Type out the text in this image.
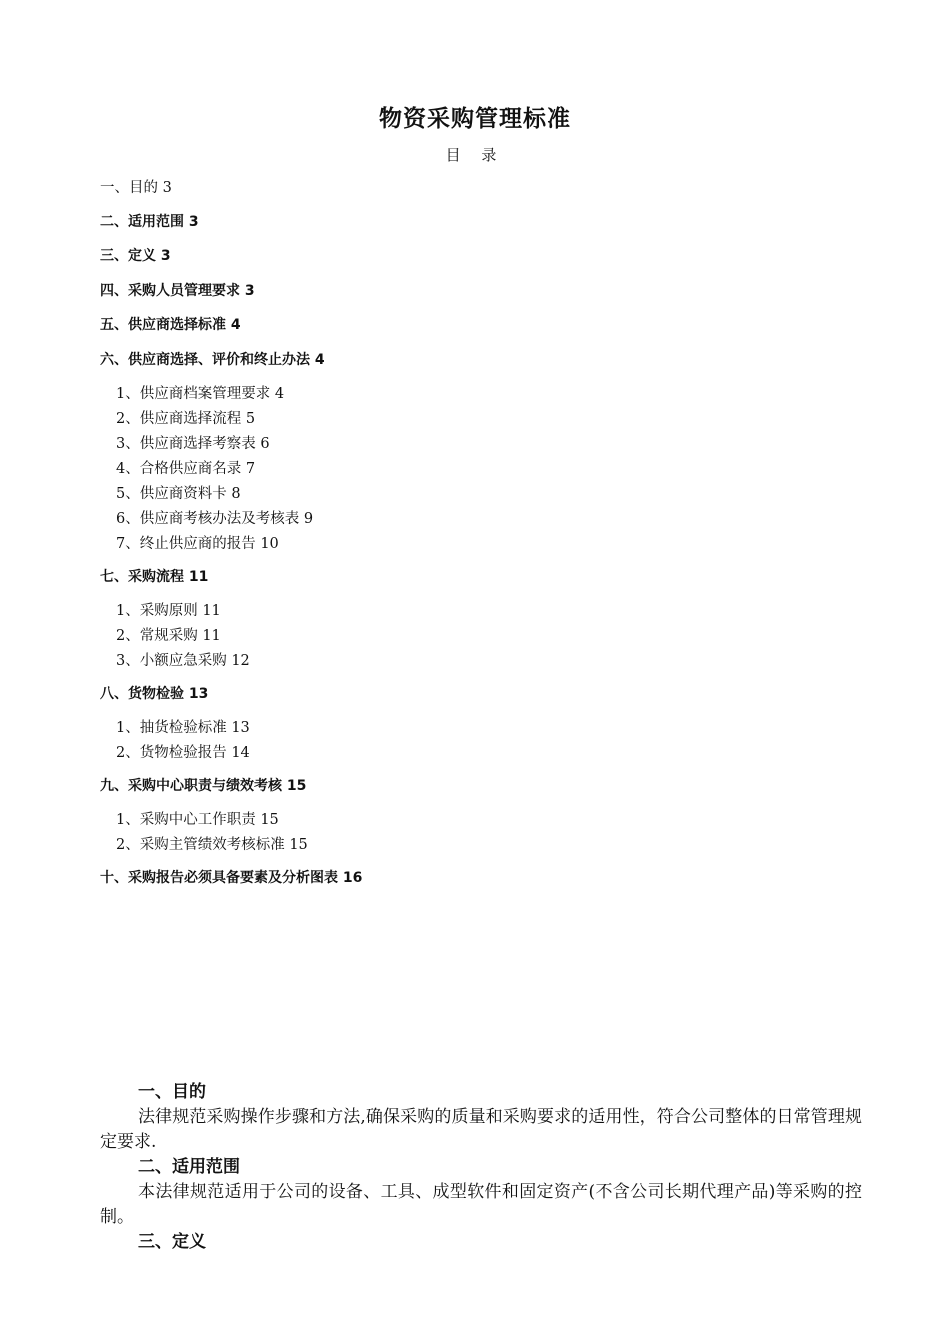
物资采购管理标准
目 录
一、目的 3
二、适用范围 3
三、定义 3
四、采购人员管理要求 3
五、供应商选择标准 4
六、供应商选择、评价和终止办法 4
1、供应商档案管理要求 4
2、供应商选择流程 5
3、供应商选择考察表 6
4、合格供应商名录 7
5、供应商资料卡 8
6、供应商考核办法及考核表 9
7、终止供应商的报告 10
七、采购流程 11
1、采购原则 11
2、常规采购 11
3、小额应急采购 12
八、货物检验 13
1、抽货检验标准 13
2、货物检验报告 14
九、采购中心职责与绩效考核 15
1、采购中心工作职责 15
2、采购主管绩效考核标准 15
十、采购报告必须具备要素及分析图表 16
一、目的

法律规范采购操作步骤和方法,确保采购的质量和采购要求的适用性，符合公司整体的日常管理规定要求.

二、适用范围

本法律规范适用于公司的设备、工具、成型软件和固定资产(不含公司长期代理产品)等采购的控制。

三、定义
